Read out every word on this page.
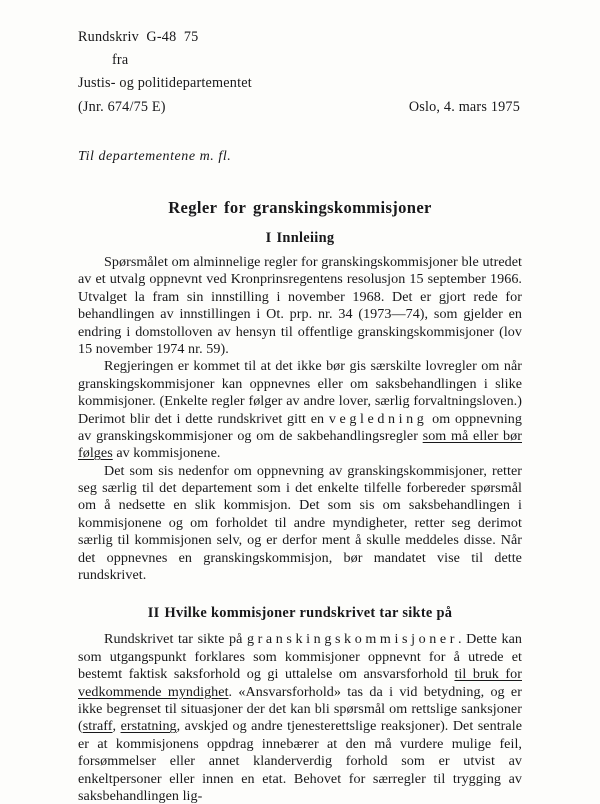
Rundskriv  G-48  75
fra
Justis- og politidepartementet
(Jnr. 674/75 E)	Oslo, 4. mars 1975
Til departementene m. fl.
Regler for granskingskommisjoner
I Innleiing

Spørsmålet om alminnelige regler for granskingskommisjoner ble utredet av et utvalg oppnevnt ved Kronprinsregentens resolusjon 15 september 1966. Utvalget la fram sin innstilling i november 1968. Det er gjort rede for behandlingen av innstillingen i Ot. prp. nr. 34 (1973—74), som gjelder en endring i domstolloven av hensyn til offentlige granskingskommisjoner (lov 15 november 1974 nr. 59).

Regjeringen er kommet til at det ikke bør gis særskilte lovregler om når granskingskommisjoner kan oppnevnes eller om saksbehandlingen i slike kommisjoner. (Enkelte regler følger av andre lover, særlig forvaltningsloven.) Derimot blir det i dette rundskrivet gitt en vegledning om oppnevning av granskingskommisjoner og om de sakbehandlingsregler som må eller bør følges av kommisjonene.

Det som sis nedenfor om oppnevning av granskingskommisjoner, retter seg særlig til det departement som i det enkelte tilfelle forbereder spørsmål om å nedsette en slik kommisjon. Det som sis om saksbehandlingen i kommisjonene og om forholdet til andre myndigheter, retter seg derimot særlig til kommisjonen selv, og er derfor ment å skulle meddeles disse. Når det oppnevnes en granskingskommisjon, bør mandatet vise til dette rundskrivet.

II Hvilke kommisjoner rundskrivet tar sikte på

Rundskrivet tar sikte på granskingskommisjoner. Dette kan som utgangspunkt forklares som kommisjoner oppnevnt for å utrede et bestemt faktisk saksforhold og gi uttalelse om ansvarsforhold til bruk for vedkommende myndighet. «Ansvarsforhold» tas da i vid betydning, og er ikke begrenset til situasjoner der det kan bli spørsmål om rettslige sanksjoner (straff, erstatning, avskjed og andre tjenesterettslige reaksjoner). Det sentrale er at kommisjonens oppdrag innebærer at den må vurdere mulige feil, forsømmelser eller annet klanderverdig forhold som er utvist av enkeltpersoner eller innen en etat. Behovet for særregler til trygging av saksbehandlingen lig-
